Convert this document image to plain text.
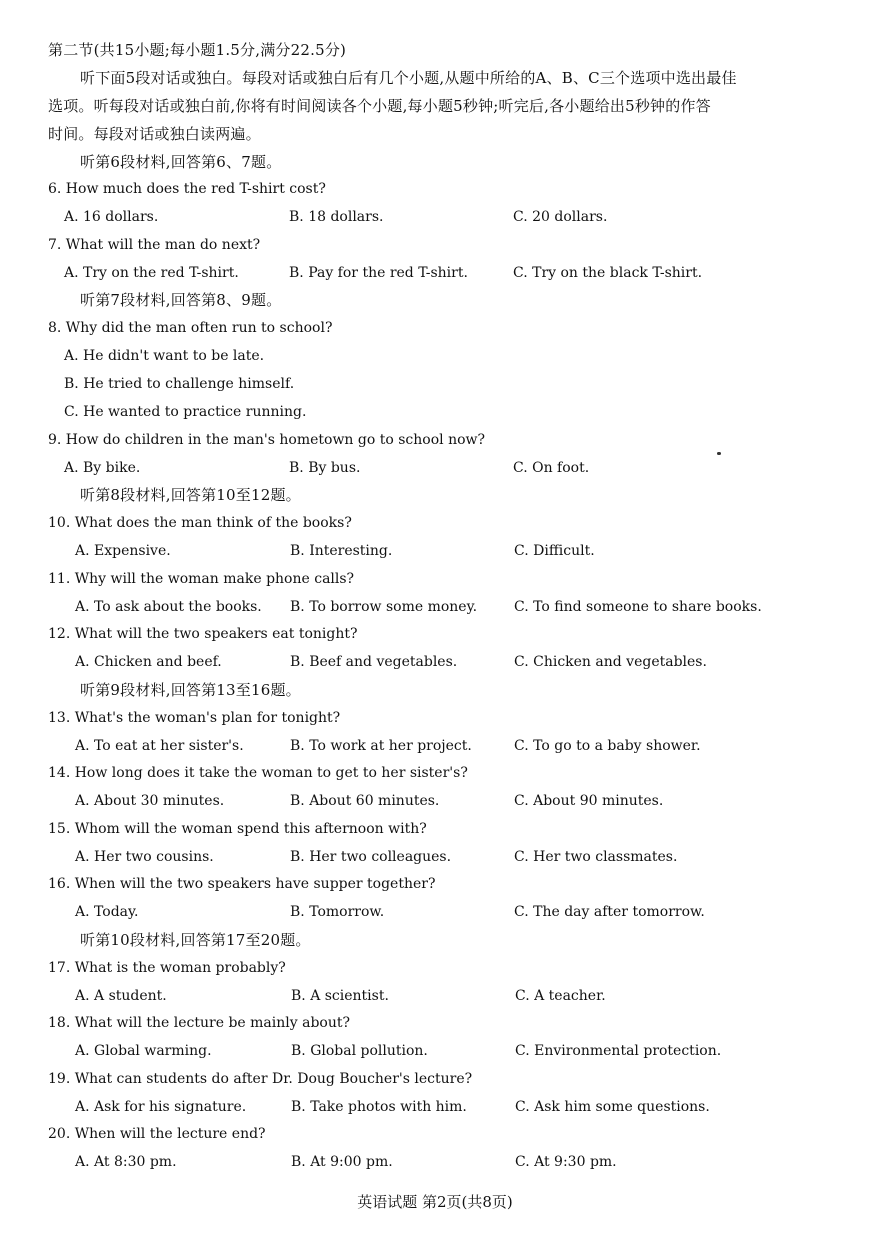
第二节(共15小题;每小题1.5分,满分22.5分)
听下面5段对话或独白。每段对话或独白后有几个小题,从题中所给的A、B、C三个选项中选出最佳
选项。听每段对话或独白前,你将有时间阅读各个小题,每小题5秒钟;听完后,各小题给出5秒钟的作答
时间。每段对话或独白读两遍。
听第6段材料,回答第6、7题。
6. How much does the red T-shirt cost?
A. 16 dollars.	B. 18 dollars.	C. 20 dollars.
7. What will the man do next?
A. Try on the red T-shirt.	B. Pay for the red T-shirt.	C. Try on the black T-shirt.
听第7段材料,回答第8、9题。
8. Why did the man often run to school?
A. He didn't want to be late.
B. He tried to challenge himself.
C. He wanted to practice running.
9. How do children in the man's hometown go to school now?
A. By bike.	B. By bus.	C. On foot.
听第8段材料,回答第10至12题。
10. What does the man think of the books?
A. Expensive.	B. Interesting.	C. Difficult.
11. Why will the woman make phone calls?
A. To ask about the books. B. To borrow some money.	C. To find someone to share books.
12. What will the two speakers eat tonight?
A. Chicken and beef.	B. Beef and vegetables.	C. Chicken and vegetables.
听第9段材料,回答第13至16题。
13. What's the woman's plan for tonight?
A. To eat at her sister's.	B. To work at her project.	C. To go to a baby shower.
14. How long does it take the woman to get to her sister's?
A. About 30 minutes.	B. About 60 minutes.	C. About 90 minutes.
15. Whom will the woman spend this afternoon with?
A. Her two cousins.	B. Her two colleagues.	C. Her two classmates.
16. When will the two speakers have supper together?
A. Today.	B. Tomorrow.	C. The day after tomorrow.
听第10段材料,回答第17至20题。
17. What is the woman probably?
A. A student.	B. A scientist.	C. A teacher.
18. What will the lecture be mainly about?
A. Global warming.	B. Global pollution.	C. Environmental protection.
19. What can students do after Dr. Doug Boucher's lecture?
A. Ask for his signature.	B. Take photos with him.	C. Ask him some questions.
20. When will the lecture end?
A. At 8:30 pm.	B. At 9:00 pm.	C. At 9:30 pm.
英语试题 第2页(共8页)
